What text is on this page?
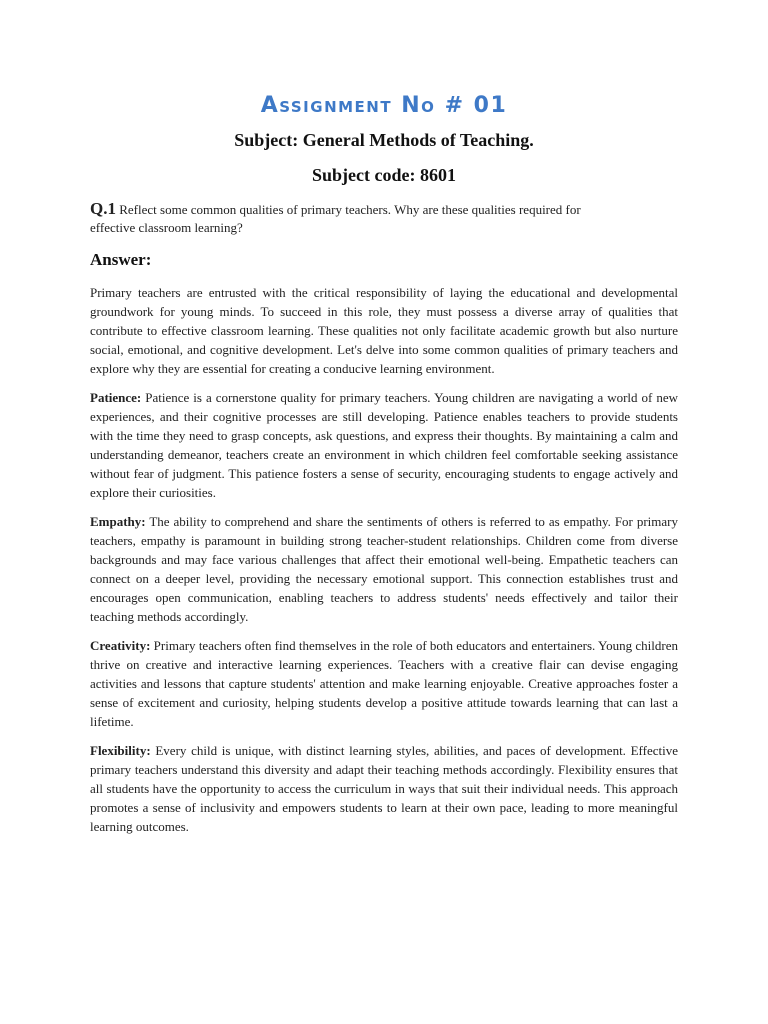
Assignment No # 01
Subject: General Methods of Teaching.
Subject code: 8601
Q.1 Reflect some common qualities of primary teachers. Why are these qualities required for effective classroom learning?
Answer:

Primary teachers are entrusted with the critical responsibility of laying the educational and developmental groundwork for young minds. To succeed in this role, they must possess a diverse array of qualities that contribute to effective classroom learning. These qualities not only facilitate academic growth but also nurture social, emotional, and cognitive development. Let's delve into some common qualities of primary teachers and explore why they are essential for creating a conducive learning environment.

Patience: Patience is a cornerstone quality for primary teachers. Young children are navigating a world of new experiences, and their cognitive processes are still developing. Patience enables teachers to provide students with the time they need to grasp concepts, ask questions, and express their thoughts. By maintaining a calm and understanding demeanor, teachers create an environment in which children feel comfortable seeking assistance without fear of judgment. This patience fosters a sense of security, encouraging students to engage actively and explore their curiosities.

Empathy: The ability to comprehend and share the sentiments of others is referred to as empathy. For primary teachers, empathy is paramount in building strong teacher-student relationships. Children come from diverse backgrounds and may face various challenges that affect their emotional well-being. Empathetic teachers can connect on a deeper level, providing the necessary emotional support. This connection establishes trust and encourages open communication, enabling teachers to address students' needs effectively and tailor their teaching methods accordingly.

Creativity: Primary teachers often find themselves in the role of both educators and entertainers. Young children thrive on creative and interactive learning experiences. Teachers with a creative flair can devise engaging activities and lessons that capture students' attention and make learning enjoyable. Creative approaches foster a sense of excitement and curiosity, helping students develop a positive attitude towards learning that can last a lifetime.

Flexibility: Every child is unique, with distinct learning styles, abilities, and paces of development. Effective primary teachers understand this diversity and adapt their teaching methods accordingly. Flexibility ensures that all students have the opportunity to access the curriculum in ways that suit their individual needs. This approach promotes a sense of inclusivity and empowers students to learn at their own pace, leading to more meaningful learning outcomes.
